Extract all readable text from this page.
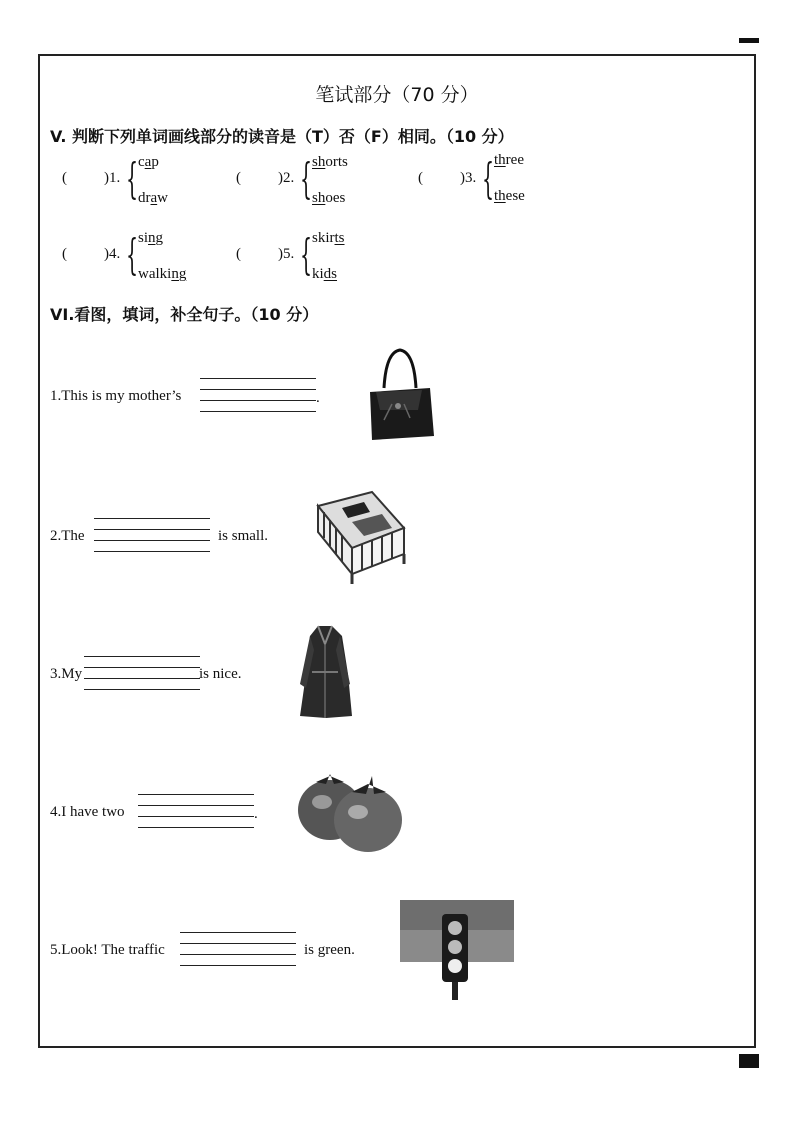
笔试部分（70 分）
V. 判断下列单词画线部分的读音是（T）否（F）相同。（10 分）
(	)1. { cap
draw
(	)2. { shorts
shoes
(	)3. { three
these
(	)4. { sing
walking
(	)5. { skirts
kids
VI.看图，填词，补全句子。（10 分）
1.This is my mother’s	.
2.The	is small.
3.My	is nice.
4.I have two	.
5.Look! The traffic	is green.
